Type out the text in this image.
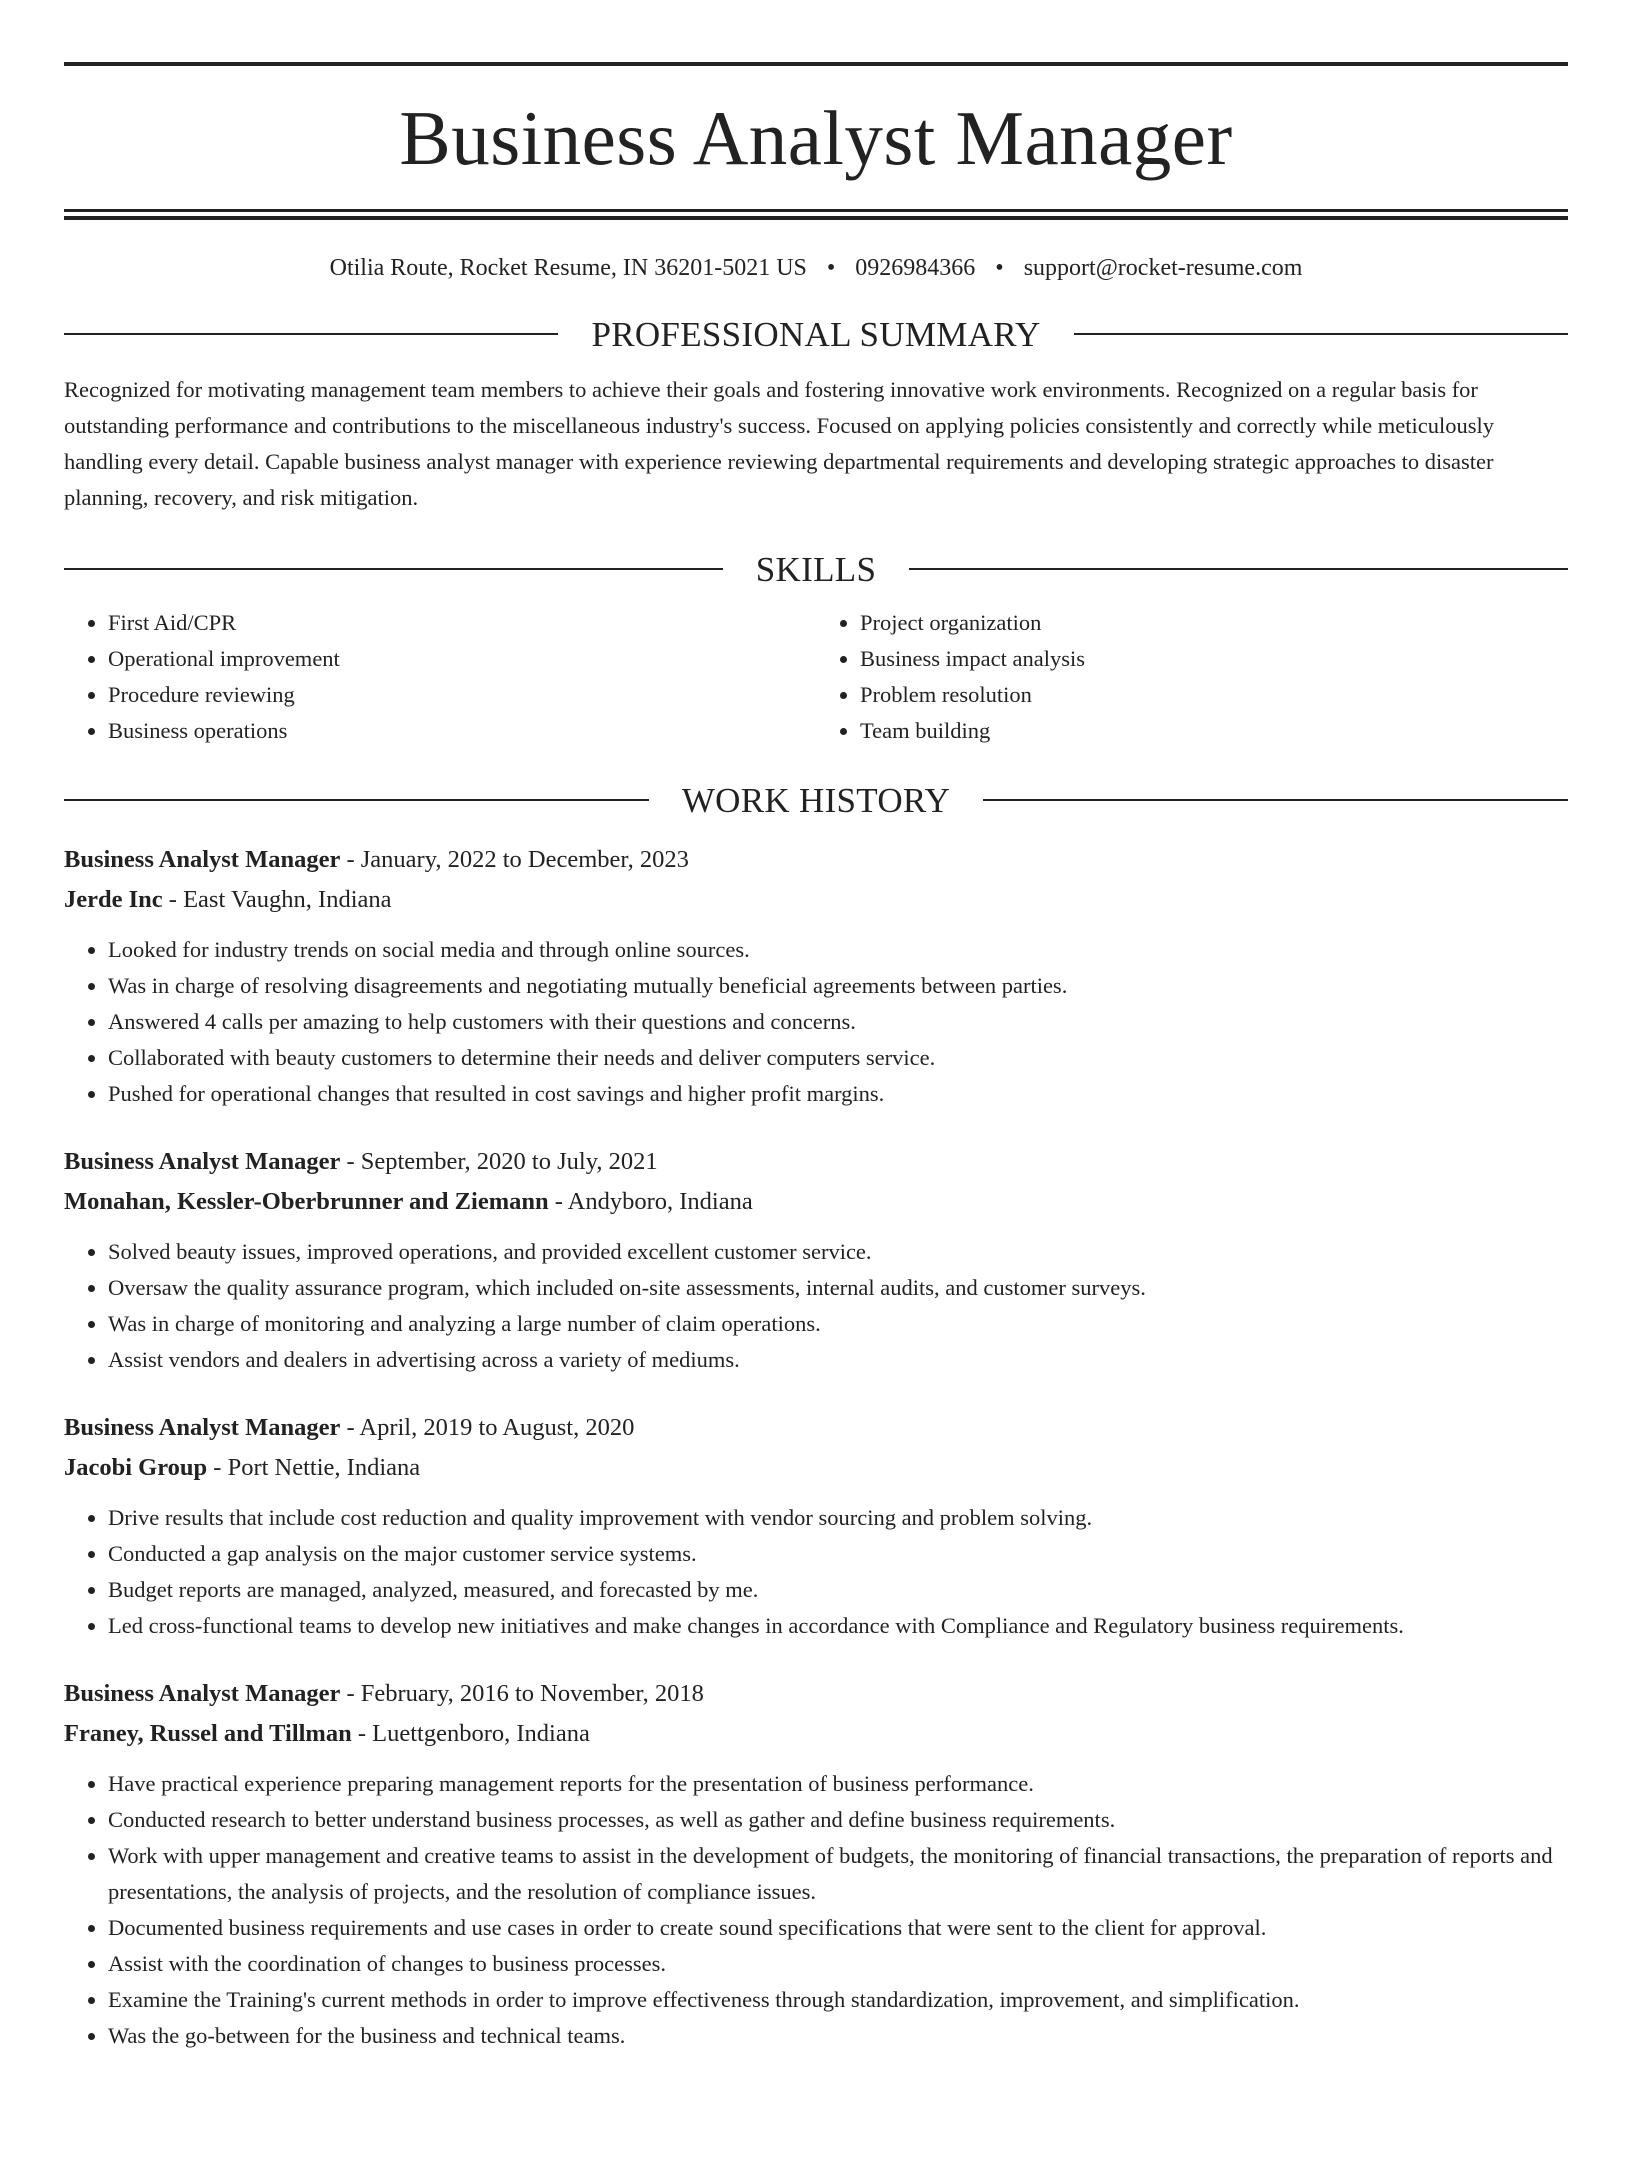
Business Analyst Manager
Otilia Route, Rocket Resume, IN 36201-5021 US • 0926984366 • support@rocket-resume.com
PROFESSIONAL SUMMARY
Recognized for motivating management team members to achieve their goals and fostering innovative work environments. Recognized on a regular basis for outstanding performance and contributions to the miscellaneous industry's success. Focused on applying policies consistently and correctly while meticulously handling every detail. Capable business analyst manager with experience reviewing departmental requirements and developing strategic approaches to disaster planning, recovery, and risk mitigation.
SKILLS
• First Aid/CPR
• Operational improvement
• Procedure reviewing
• Business operations
• Project organization
• Business impact analysis
• Problem resolution
• Team building
WORK HISTORY
Business Analyst Manager - January, 2022 to December, 2023
Jerde Inc - East Vaughn, Indiana
• Looked for industry trends on social media and through online sources.
• Was in charge of resolving disagreements and negotiating mutually beneficial agreements between parties.
• Answered 4 calls per amazing to help customers with their questions and concerns.
• Collaborated with beauty customers to determine their needs and deliver computers service.
• Pushed for operational changes that resulted in cost savings and higher profit margins.
Business Analyst Manager - September, 2020 to July, 2021
Monahan, Kessler-Oberbrunner and Ziemann - Andyboro, Indiana
• Solved beauty issues, improved operations, and provided excellent customer service.
• Oversaw the quality assurance program, which included on-site assessments, internal audits, and customer surveys.
• Was in charge of monitoring and analyzing a large number of claim operations.
• Assist vendors and dealers in advertising across a variety of mediums.
Business Analyst Manager - April, 2019 to August, 2020
Jacobi Group - Port Nettie, Indiana
• Drive results that include cost reduction and quality improvement with vendor sourcing and problem solving.
• Conducted a gap analysis on the major customer service systems.
• Budget reports are managed, analyzed, measured, and forecasted by me.
• Led cross-functional teams to develop new initiatives and make changes in accordance with Compliance and Regulatory business requirements.
Business Analyst Manager - February, 2016 to November, 2018
Franey, Russel and Tillman - Luettgenboro, Indiana
• Have practical experience preparing management reports for the presentation of business performance.
• Conducted research to better understand business processes, as well as gather and define business requirements.
• Work with upper management and creative teams to assist in the development of budgets, the monitoring of financial transactions, the preparation of reports and presentations, the analysis of projects, and the resolution of compliance issues.
• Documented business requirements and use cases in order to create sound specifications that were sent to the client for approval.
• Assist with the coordination of changes to business processes.
• Examine the Training's current methods in order to improve effectiveness through standardization, improvement, and simplification.
• Was the go-between for the business and technical teams.
